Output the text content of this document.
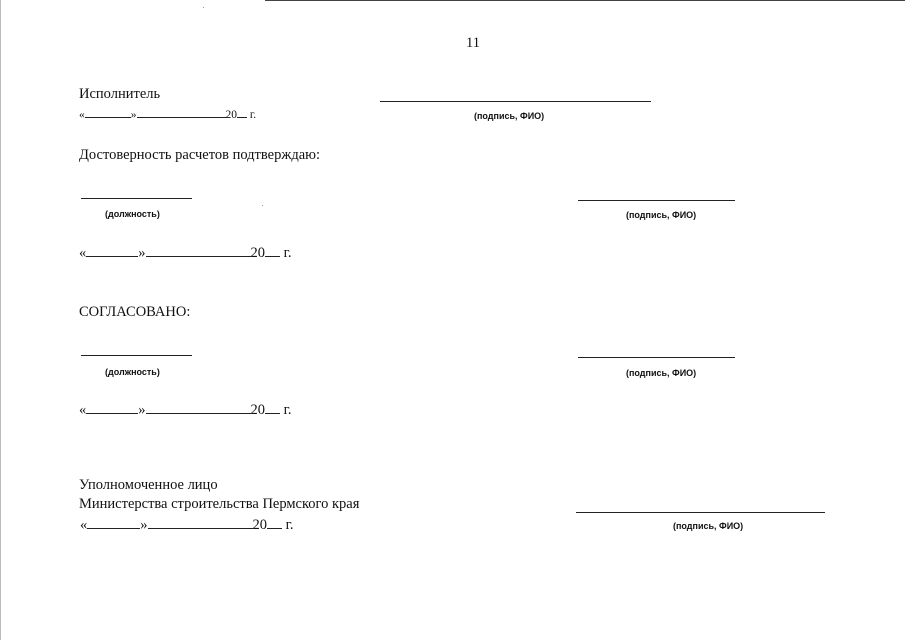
11
Исполнитель
(подпись, ФИО)
«	»	20 г.
Достоверность расчетов подтверждаю:
(должность)	(подпись, ФИО)
«	»	20 г.
СОГЛАСОВАНО:
(должность)	(подпись, ФИО)
«	»	20 г.
Уполномоченное лицо
Министерства строительства Пермского края
(подпись, ФИО)
«	»	20 г.
